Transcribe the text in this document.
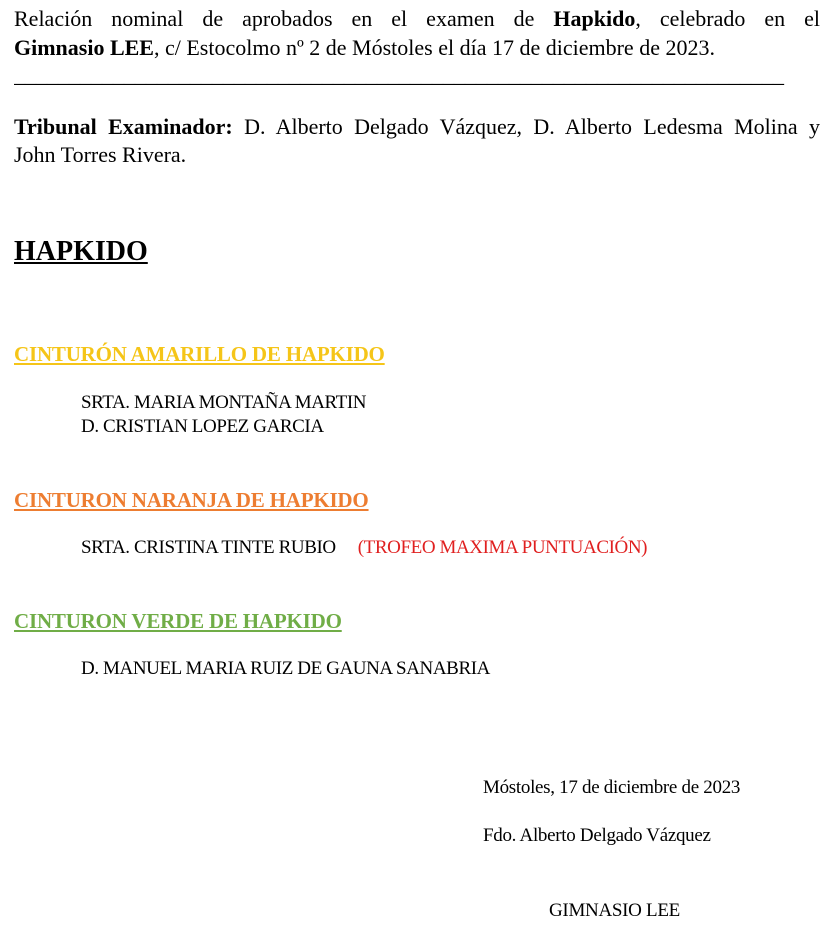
Relación nominal de aprobados en el examen de Hapkido, celebrado en el
Gimnasio LEE, c/ Estocolmo nº 2 de Móstoles el día 17 de diciembre de 2023.
______________________________________________________________________
Tribunal Examinador: D. Alberto Delgado Vázquez, D. Alberto Ledesma Molina y
John Torres Rivera.
HAPKIDO
CINTURÓN AMARILLO DE HAPKIDO
SRTA. MARIA MONTAÑA MARTIN
D. CRISTIAN LOPEZ GARCIA
CINTURON NARANJA DE HAPKIDO
SRTA. CRISTINA TINTE RUBIO (TROFEO MAXIMA PUNTUACIÓN)
CINTURON VERDE DE HAPKIDO
D. MANUEL MARIA RUIZ DE GAUNA SANABRIA
Móstoles, 17 de diciembre de 2023
Fdo. Alberto Delgado Vázquez
GIMNASIO LEE
